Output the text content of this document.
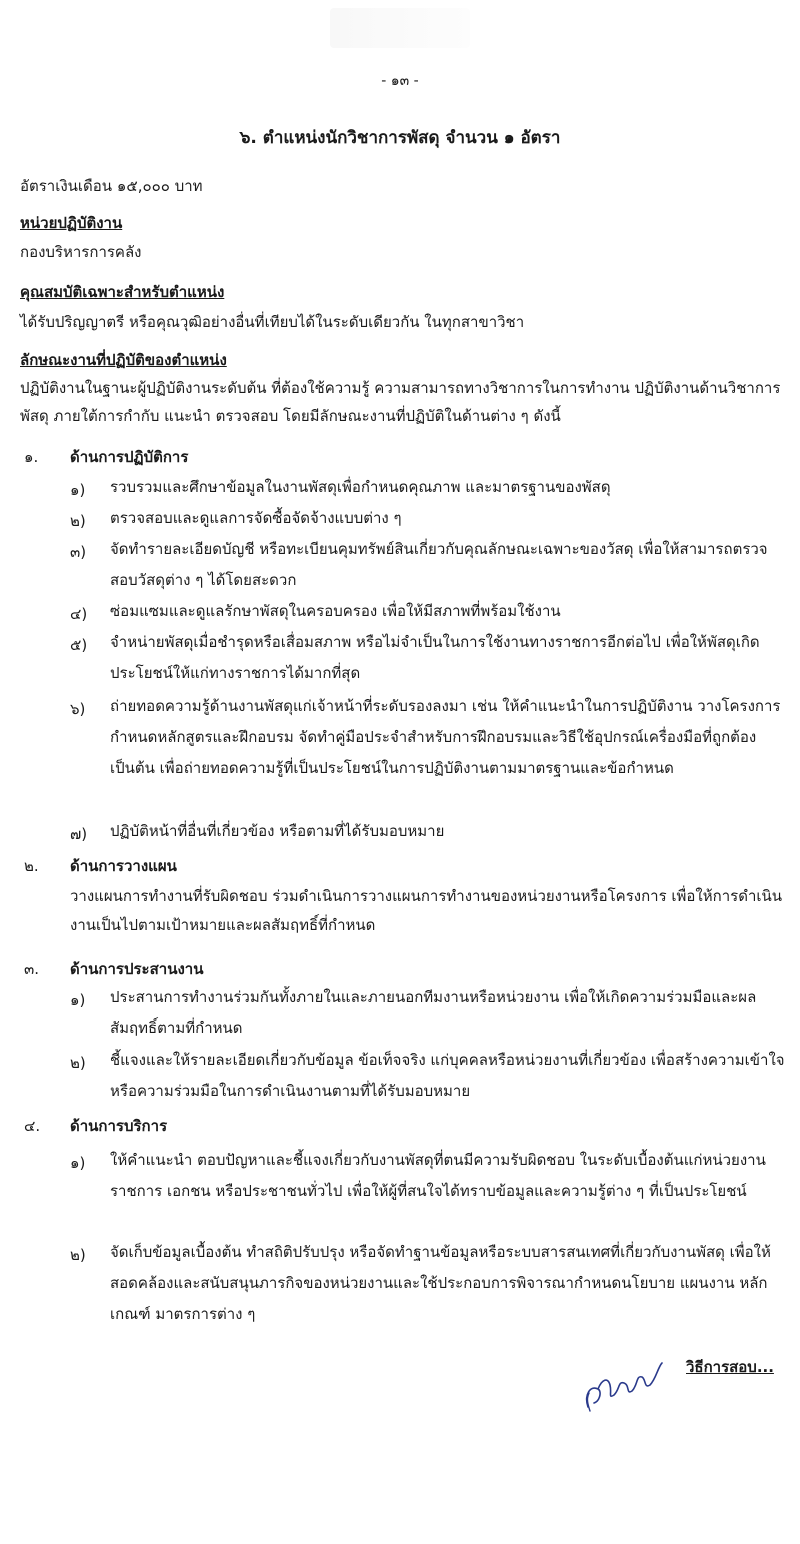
- ๑๓ -
๖. ตำแหน่งนักวิชาการพัสดุ จำนวน ๑ อัตรา
อัตราเงินเดือน ๑๕,๐๐๐ บาท
หน่วยปฏิบัติงาน
กองบริหารการคลัง
คุณสมบัติเฉพาะสำหรับตำแหน่ง
ได้รับปริญญาตรี หรือคุณวุฒิอย่างอื่นที่เทียบได้ในระดับเดียวกัน ในทุกสาขาวิชา
ลักษณะงานที่ปฏิบัติของตำแหน่ง
ปฏิบัติงานในฐานะผู้ปฏิบัติงานระดับต้น ที่ต้องใช้ความรู้ ความสามารถทางวิชาการในการทำงาน ปฏิบัติงานด้านวิชาการพัสดุ ภายใต้การกำกับ แนะนำ ตรวจสอบ โดยมีลักษณะงานที่ปฏิบัติในด้านต่าง ๆ ดังนี้
๑. ด้านการปฏิบัติการ
๑) รวบรวมและศึกษาข้อมูลในงานพัสดุเพื่อกำหนดคุณภาพ และมาตรฐานของพัสดุ
๒) ตรวจสอบและดูแลการจัดซื้อจัดจ้างแบบต่าง ๆ
๓) จัดทำรายละเอียดบัญชี หรือทะเบียนคุมทรัพย์สินเกี่ยวกับคุณลักษณะเฉพาะของวัสดุ เพื่อให้สามารถตรวจสอบวัสดุต่าง ๆ ได้โดยสะดวก
๔) ซ่อมแซมและดูแลรักษาพัสดุในครอบครอง เพื่อให้มีสภาพที่พร้อมใช้งาน
๕) จำหน่ายพัสดุเมื่อชำรุดหรือเสื่อมสภาพ หรือไม่จำเป็นในการใช้งานทางราชการอีกต่อไป เพื่อให้พัสดุเกิดประโยชน์ให้แก่ทางราชการได้มากที่สุด
๖) ถ่ายทอดความรู้ด้านงานพัสดุแก่เจ้าหน้าที่ระดับรองลงมา เช่น ให้คำแนะนำในการปฏิบัติงาน วางโครงการ กำหนดหลักสูตรและฝึกอบรม จัดทำคู่มือประจำสำหรับการฝึกอบรมและวิธีใช้อุปกรณ์เครื่องมือที่ถูกต้อง เป็นต้น เพื่อถ่ายทอดความรู้ที่เป็นประโยชน์ในการปฏิบัติงานตามมาตรฐานและข้อกำหนด
๗) ปฏิบัติหน้าที่อื่นที่เกี่ยวข้อง หรือตามที่ได้รับมอบหมาย
๒. ด้านการวางแผน
วางแผนการทำงานที่รับผิดชอบ ร่วมดำเนินการวางแผนการทำงานของหน่วยงานหรือโครงการ เพื่อให้การดำเนินงานเป็นไปตามเป้าหมายและผลสัมฤทธิ์ที่กำหนด
๓. ด้านการประสานงาน
๑) ประสานการทำงานร่วมกันทั้งภายในและภายนอกทีมงานหรือหน่วยงาน เพื่อให้เกิดความร่วมมือและผลสัมฤทธิ์ตามที่กำหนด
๒) ชี้แจงและให้รายละเอียดเกี่ยวกับข้อมูล ข้อเท็จจริง แก่บุคคลหรือหน่วยงานที่เกี่ยวข้อง เพื่อสร้างความเข้าใจหรือความร่วมมือในการดำเนินงานตามที่ได้รับมอบหมาย
๔. ด้านการบริการ
๑) ให้คำแนะนำ ตอบปัญหาและชี้แจงเกี่ยวกับงานพัสดุที่ตนมีความรับผิดชอบ ในระดับเบื้องต้นแก่หน่วยงานราชการ เอกชน หรือประชาชนทั่วไป เพื่อให้ผู้ที่สนใจได้ทราบข้อมูลและความรู้ต่าง ๆ ที่เป็นประโยชน์
๒) จัดเก็บข้อมูลเบื้องต้น ทำสถิติปรับปรุง หรือจัดทำฐานข้อมูลหรือระบบสารสนเทศที่เกี่ยวกับงานพัสดุ เพื่อให้สอดคล้องและสนับสนุนภารกิจของหน่วยงานและใช้ประกอบการพิจารณากำหนดนโยบาย แผนงาน หลักเกณฑ์ มาตรการต่าง ๆ
วิธีการสอบ...
